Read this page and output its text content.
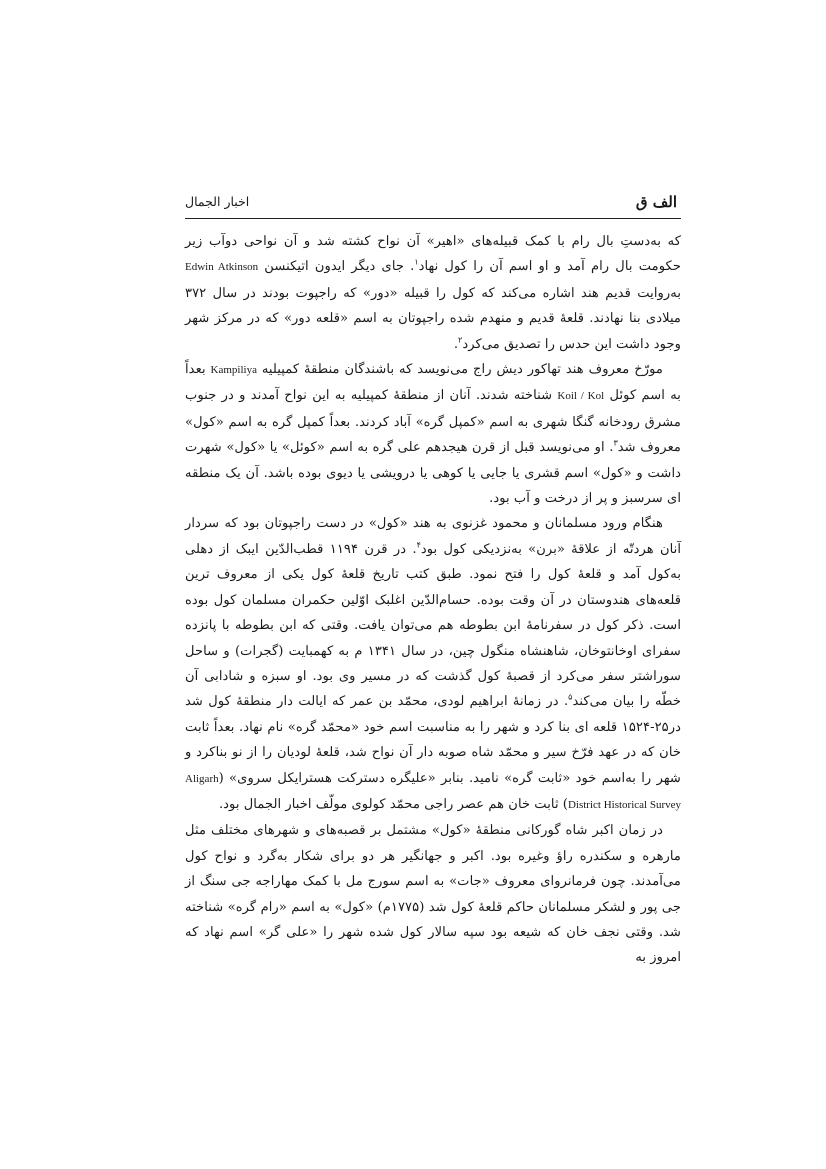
الف ق
اخبار الجمال

که به‌دستِ بال رام با کمک قبیله‌های «اهیر» آن نواح کشته شد و آن نواحی دوآب زیر حکومت بال رام آمد و او اسم آن را کول نهاد$^۱$. جای دیگر ایدون اتیکنسن Edwin Atkinson به‌روایت قدیم هند اشاره می‌کند که کول را قبیله «دور» که راجپوت بودند در سال ۳۷۲ میلادی بنا نهادند. قلعهٔ قدیم و منهدم شده راجپوتان به اسم «قلعه دور» که در مرکز شهر وجود داشت این حدس را تصدیق می‌کرد$^۲$.

مورّخ معروف هند تهاکور دیش راج می‌نویسد که باشندگان منطقهٔ کمپیلیه Kampiliya بعداً به اسم کوئل Koil / Kol شناخته شدند. آنان از منطقهٔ کمپیلیه به این نواح آمدند و در جنوب مشرق رودخانه گنگا شهری به اسم «کمپل گره» آباد کردند. بعداً کمپل گره به اسم «کول» معروف شد$^۳$. او می‌نویسد قبل از قرن هیجدهم علی گره به اسم «کوئل» یا «کول» شهرت داشت و «کول» اسم قشری یا جایی یا کوهی یا درویشی یا دیوی بوده باشد. آن یک منطقه ای سرسبز و پر از درخت و آب بود.

هنگام ورود مسلمانان و محمود غزنوی به هند «کول» در دست راجپوتان بود که سردار آنان هردتّه از علاقهٔ «برن» به‌نزدیکی کول بود$^۴$. در قرن ۱۱۹۴ قطب‌الدّین ایبک از دهلی به‌کول آمد و قلعهٔ کول را فتح نمود. طبق کتب تاریخ قلعهٔ کول یکی از معروف ترین قلعه‌های هندوستان در آن وقت بوده. حسام‌الدّین اغلبک اوّلین حکمران مسلمان کول بوده است. ذکر کول در سفرنامهٔ ابن بطوطه هم می‌توان یافت. وقتی که ابن بطوطه با پانزده سفرای اوخانتوخان، شاهنشاه منگول چین، در سال ۱۳۴۱ م به کهمبایت (گجرات) و ساحل سوراشتر سفر می‌کرد از قصبهٔ کول گذشت که در مسیر وی بود. او سبزه و شادابی آن خطّه را بیان می‌کند$^۵$. در زمانهٔ ابراهیم لودی، محمّد بن عمر که ایالت دار منطقهٔ کول شد در۲۵-۱۵۲۴ قلعه ای بنا کرد و شهر را به مناسبت اسم خود «محمّد گره» نام نهاد. بعداً ثابت خان که در عهد فرّخ سیر و محمّد شاه صوبه دار آن نواح شد، قلعهٔ لودیان را از نو بناکرد و شهر را به‌اسم خود «ثابت گره» نامید. بنابر «علیگره دسترکت هسترایکل سروی» (Aligarh District Historical Survey) ثابت خان هم عصر راجی محمّد کولوی مولّف اخبار الجمال بود.

در زمان اکبر شاه گورکانی منطقهٔ «کول» مشتمل بر قصبه‌های و شهرهای مختلف مثل مارهره و سکندره راؤ وغیره بود. اکبر و جهانگیر هر دو برای شکار به‌گرد و نواح کول می‌آمدند. چون فرمانروای معروف «جات» به اسم سورج مل با کمک مهاراجه جی سنگ از جی پور و لشکر مسلمانان حاکم قلعهٔ کول شد (۱۷۷۵م) «کول» به اسم «رام گره» شناخته شد. وقتی نجف خان که شیعه بود سپه سالار کول شده شهر را «علی گر» اسم نهاد که امروز به
